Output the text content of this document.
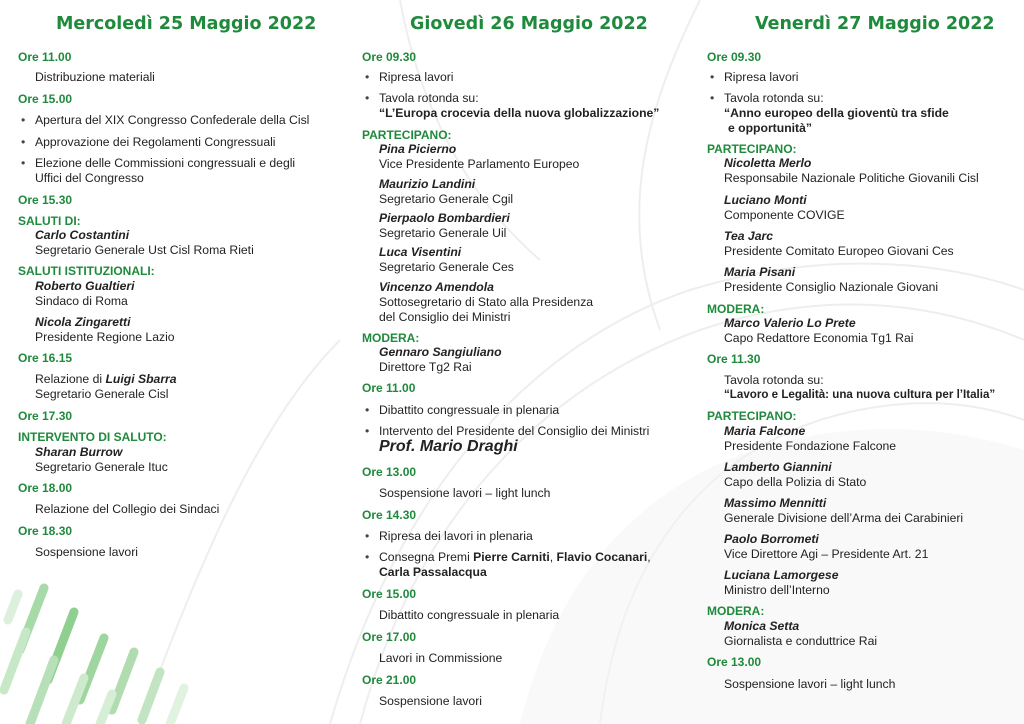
Mercoledì 25 Maggio 2022
Ore 11.00
Distribuzione materiali
Ore 15.00
• Apertura del XIX Congresso Confederale della Cisl
• Approvazione dei Regolamenti Congressuali
• Elezione delle Commissioni congressuali e degli
Uffici del Congresso
Ore 15.30
SALUTI DI:
Carlo Costantini
Segretario Generale Ust Cisl Roma Rieti
SALUTI ISTITUZIONALI:
Roberto Gualtieri
Sindaco di Roma
Nicola Zingaretti
Presidente Regione Lazio
Ore 16.15
Relazione di Luigi Sbarra
Segretario Generale Cisl
Ore 17.30
INTERVENTO DI SALUTO:
Sharan Burrow
Segretario Generale Ituc
Ore 18.00
Relazione del Collegio dei Sindaci
Ore 18.30
Sospensione lavori
Giovedì 26 Maggio 2022
Ore 09.30
• Ripresa lavori
• Tavola rotonda su:
“L’Europa crocevia della nuova globalizzazione”
PARTECIPANO:
Pina Picierno
Vice Presidente Parlamento Europeo
Maurizio Landini
Segretario Generale Cgil
Pierpaolo Bombardieri
Segretario Generale Uil
Luca Visentini
Segretario Generale Ces
Vincenzo Amendola
Sottosegretario di Stato alla Presidenza
del Consiglio dei Ministri
MODERA:
Gennaro Sangiuliano
Direttore Tg2 Rai
Ore 11.00
• Dibattito congressuale in plenaria
• Intervento del Presidente del Consiglio dei Ministri
Prof. Mario Draghi
Ore 13.00
Sospensione lavori – light lunch
Ore 14.30
• Ripresa dei lavori in plenaria
• Consegna Premi Pierre Carniti, Flavio Cocanari,
Carla Passalacqua
Ore 15.00
Dibattito congressuale in plenaria
Ore 17.00
Lavori in Commissione
Ore 21.00
Sospensione lavori
Venerdì 27 Maggio 2022
Ore 09.30
• Ripresa lavori
• Tavola rotonda su:
“Anno europeo della gioventù tra sfide
e opportunità”
PARTECIPANO:
Nicoletta Merlo
Responsabile Nazionale Politiche Giovanili Cisl
Luciano Monti
Componente COVIGE
Tea Jarc
Presidente Comitato Europeo Giovani Ces
Maria Pisani
Presidente Consiglio Nazionale Giovani
MODERA:
Marco Valerio Lo Prete
Capo Redattore Economia Tg1 Rai
Ore 11.30
Tavola rotonda su:
“Lavoro e Legalità: una nuova cultura per l’Italia”
PARTECIPANO:
Maria Falcone
Presidente Fondazione Falcone
Lamberto Giannini
Capo della Polizia di Stato
Massimo Mennitti
Generale Divisione dell’Arma dei Carabinieri
Paolo Borrometi
Vice Direttore Agi – Presidente Art. 21
Luciana Lamorgese
Ministro dell’Interno
MODERA:
Monica Setta
Giornalista e conduttrice Rai
Ore 13.00
Sospensione lavori – light lunch
